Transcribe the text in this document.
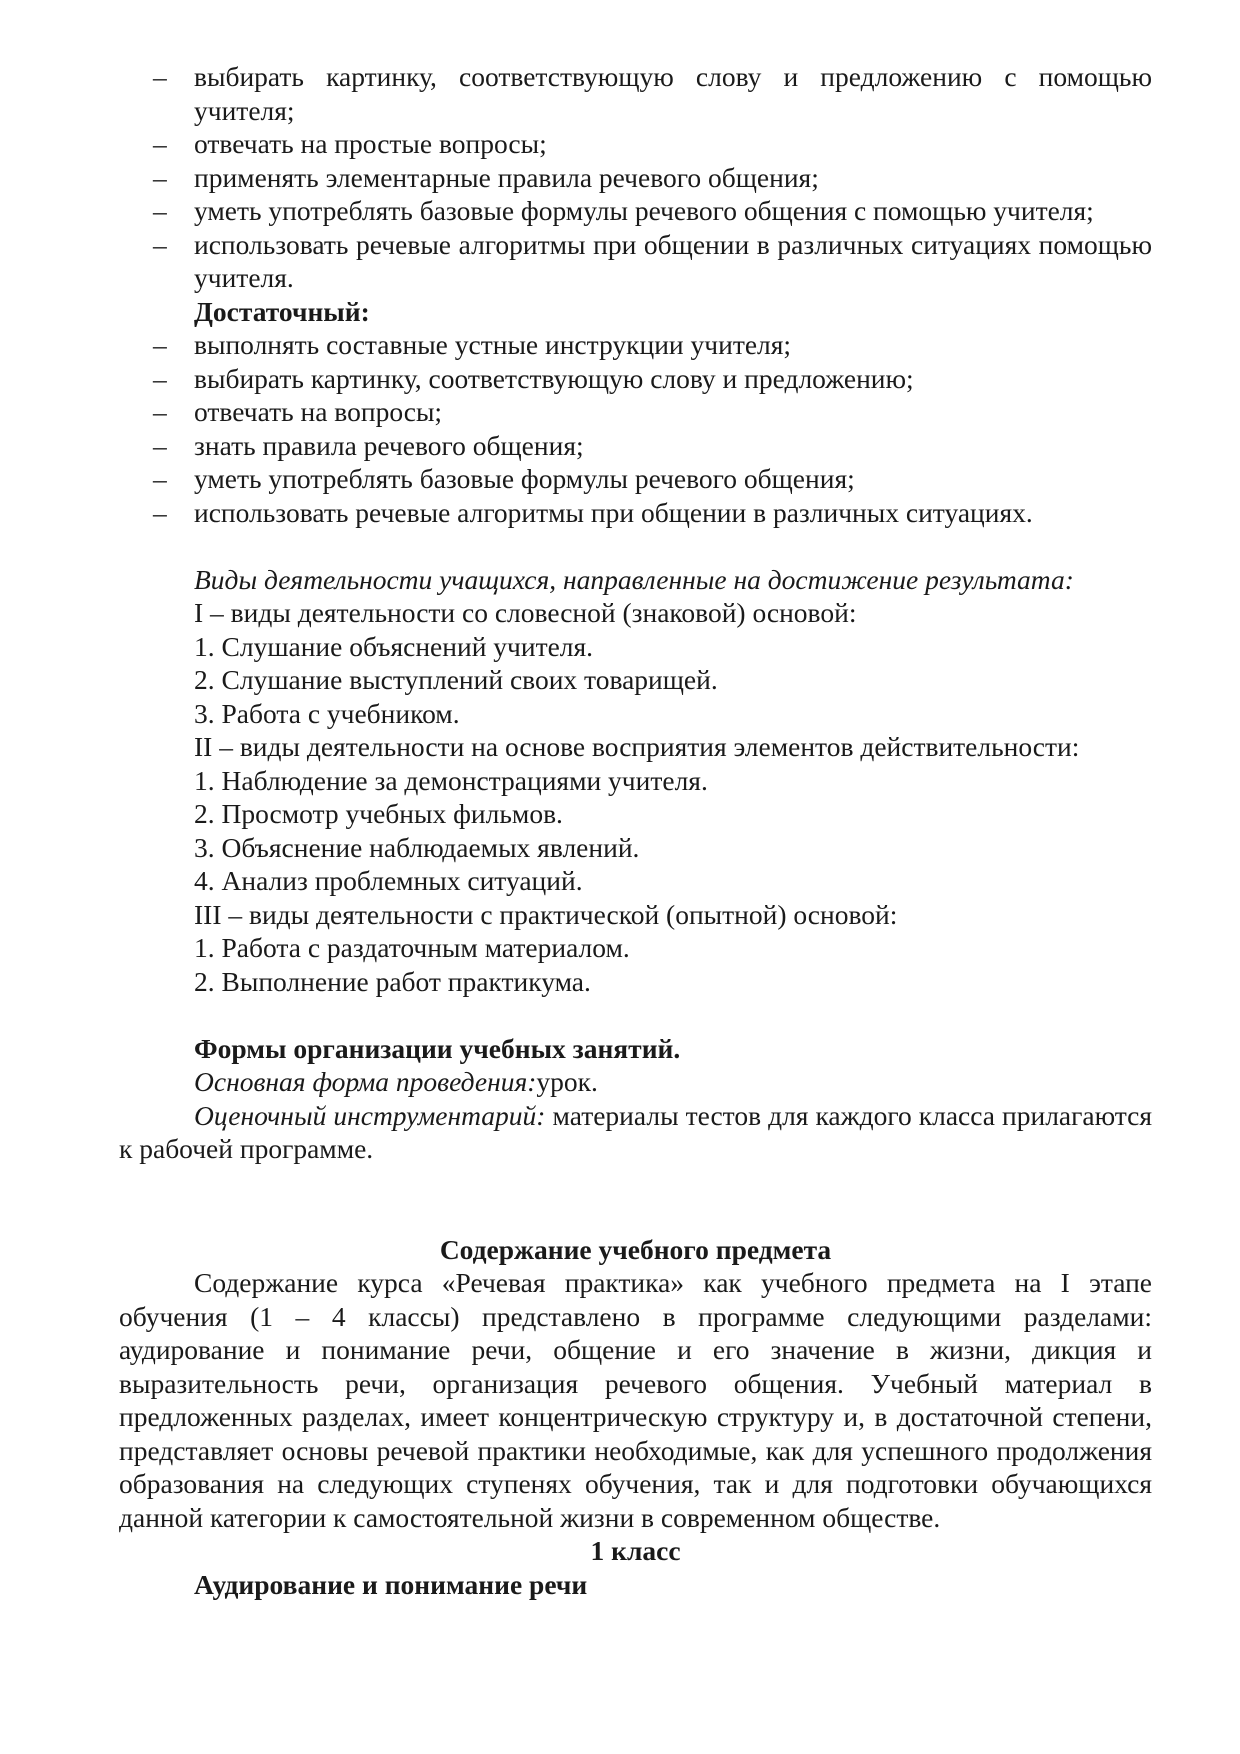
– выбирать картинку, соответствующую слову и предложению с помощью учителя;
– отвечать на простые вопросы;
– применять элементарные правила речевого общения;
– уметь употреблять базовые формулы речевого общения с помощью учителя;
– использовать речевые алгоритмы при общении в различных ситуациях помощью учителя.
Достаточный:
– выполнять составные устные инструкции учителя;
– выбирать картинку, соответствующую слову и предложению;
– отвечать на вопросы;
– знать правила речевого общения;
– уметь употреблять базовые формулы речевого общения;
– использовать речевые алгоритмы при общении в различных ситуациях.
Виды деятельности учащихся, направленные на достижение результата:
I – виды деятельности со словесной (знаковой) основой:
1. Слушание объяснений учителя.
2. Слушание выступлений своих товарищей.
3. Работа с учебником.
II – виды деятельности на основе восприятия элементов действительности:
1. Наблюдение за демонстрациями учителя.
2. Просмотр учебных фильмов.
3. Объяснение наблюдаемых явлений.
4. Анализ проблемных ситуаций.
III – виды деятельности с практической (опытной) основой:
1. Работа с раздаточным материалом.
2. Выполнение работ практикума.
Формы организации учебных занятий.
Основная форма проведения:урок.
Оценочный инструментарий: материалы тестов для каждого класса прилагаются к рабочей программе.
Содержание учебного предмета
Содержание курса «Речевая практика» как учебного предмета на I этапе обучения (1 – 4 классы) представлено в программе следующими разделами: аудирование и понимание речи, общение и его значение в жизни, дикция и выразительность речи, организация речевого общения. Учебный материал в предложенных разделах, имеет концентрическую структуру и, в достаточной степени, представляет основы речевой практики необходимые, как для успешного продолжения образования на следующих ступенях обучения, так и для подготовки обучающихся данной категории к самостоятельной жизни в современном обществе.
1 класс
Аудирование и понимание речи
